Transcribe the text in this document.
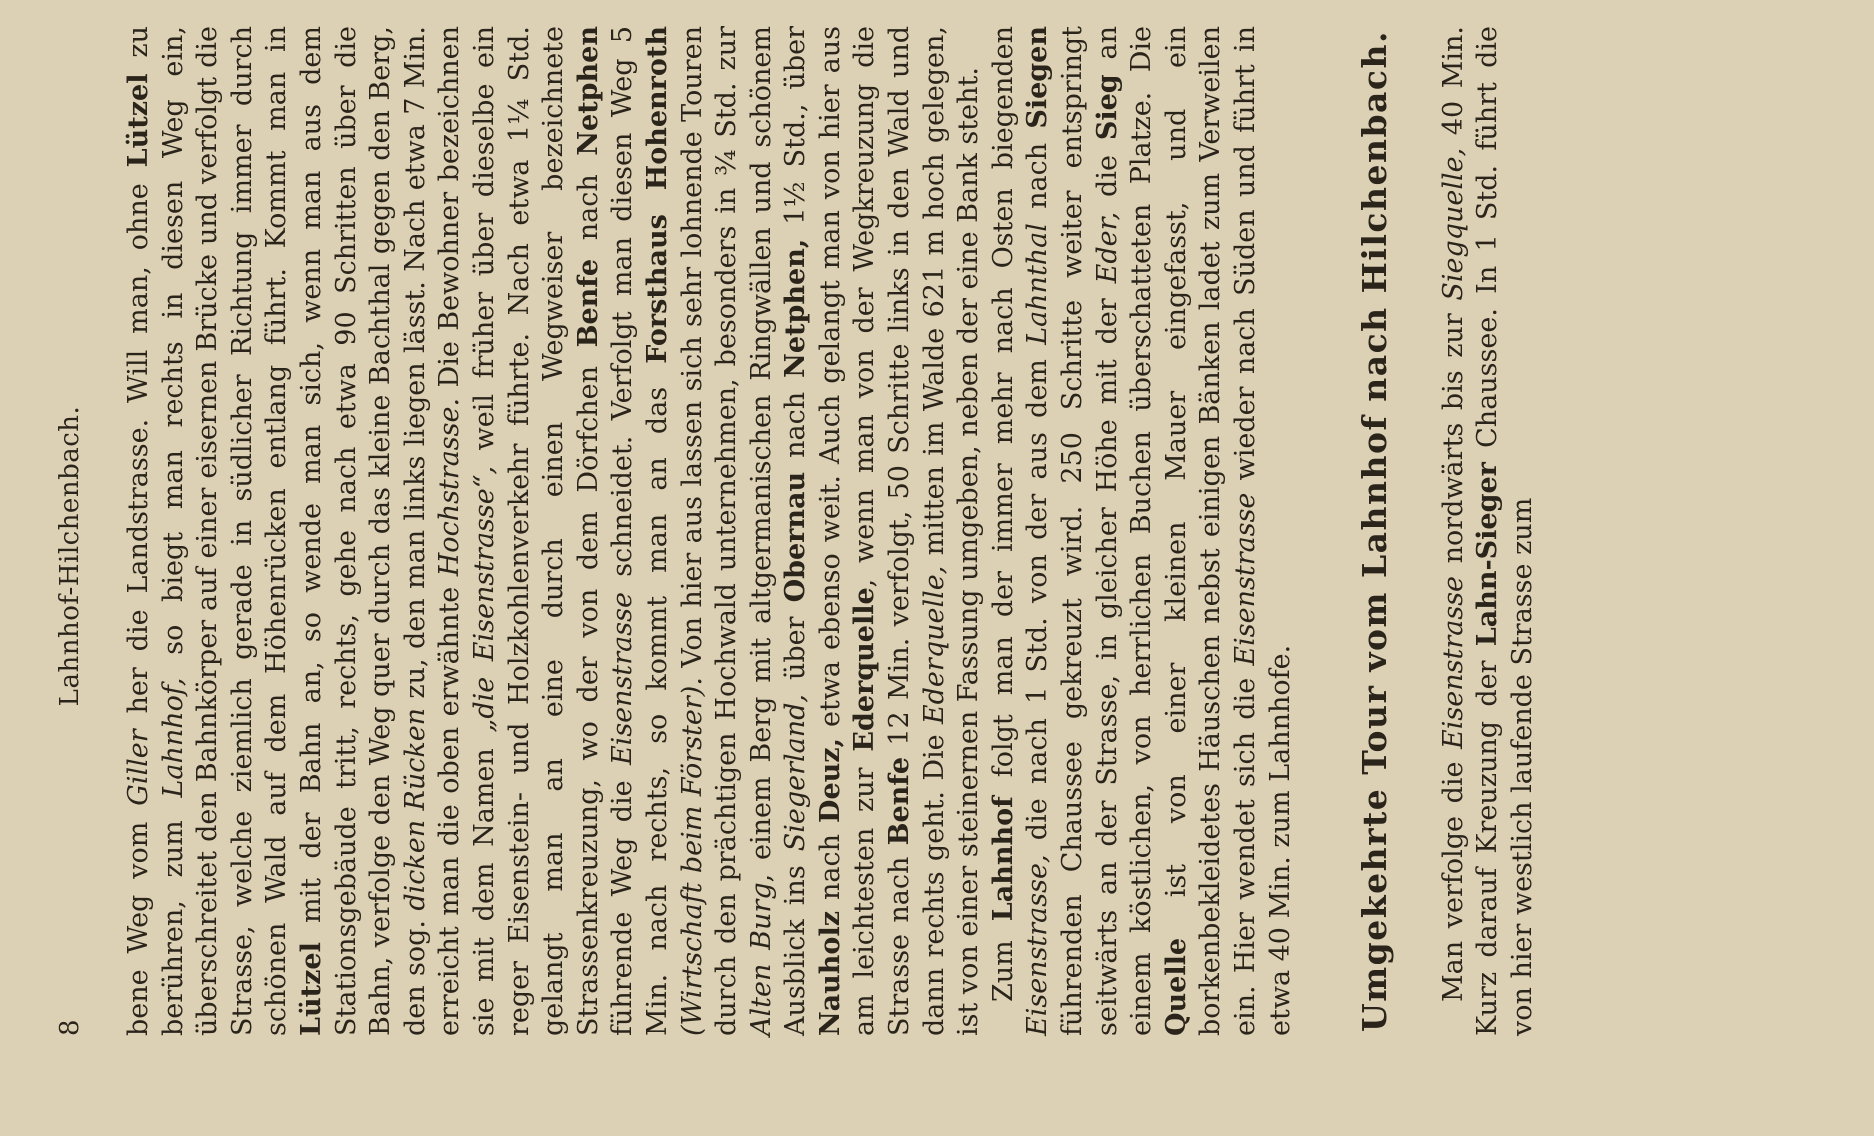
8
Lahnhof-Hilchenbach.

bene Weg vom Giller her die Landstrasse. Will man, ohne Lützel zu berühren, zum Lahnhof, so biegt man rechts in diesen Weg ein, überschreitet den Bahnkörper auf einer eisernen Brücke und verfolgt die Strasse, welche ziemlich gerade in südlicher Richtung immer durch schönen Wald auf dem Höhenrücken entlang führt. Kommt man in Lützel mit der Bahn an, so wende man sich, wenn man aus dem Stationsgebäude tritt, rechts, gehe nach etwa 90 Schritten über die Bahn, verfolge den Weg quer durch das kleine Bachthal gegen den Berg, den sog. dicken Rücken zu, den man links liegen lässt. Nach etwa 7 Min. erreicht man die oben erwähnte Hochstrasse. Die Bewohner bezeichnen sie mit dem Namen „die Eisenstrasse“, weil früher über dieselbe ein reger Eisenstein- und Holzkohlenverkehr führte. Nach etwa 1¼ Std. gelangt man an eine durch einen Wegweiser bezeichnete Strassenkreuzung, wo der von dem Dörfchen Benfe nach Netphen führende Weg die Eisenstrasse schneidet. Verfolgt man diesen Weg 5 Min. nach rechts, so kommt man an das Forsthaus Hohenroth (Wirtschaft beim Förster). Von hier aus lassen sich sehr lohnende Touren durch den prächtigen Hochwald unternehmen, besonders in ¾ Std. zur Alten Burg, einem Berg mit altgermanischen Ringwällen und schönem Ausblick ins Siegerland, über Obernau nach Netphen, 1½ Std., über Nauholz nach Deuz, etwa ebenso weit. Auch gelangt man von hier aus am leichtesten zur Ederquelle, wenn man von der Wegkreuzung die Strasse nach Benfe 12 Min. verfolgt, 50 Schritte links in den Wald und dann rechts geht. Die Ederquelle, mitten im Walde 621 m hoch gelegen, ist von einer steinernen Fassung umgeben, neben der eine Bank steht. Zum Lahnhof folgt man der immer mehr nach Osten biegenden Eisenstrasse, die nach 1 Std. von der aus dem Lahnthal nach Siegen führenden Chaussee gekreuzt wird. 250 Schritte weiter entspringt seitwärts an der Strasse, in gleicher Höhe mit der Eder, die Sieg an einem köstlichen, von herrlichen Buchen überschatteten Platze. Die Quelle ist von einer kleinen Mauer eingefasst, und ein borkenbekleidetes Häuschen nebst einigen Bänken ladet zum Verweilen ein. Hier wendet sich die Eisenstrasse wieder nach Süden und führt in etwa 40 Min. zum Lahnhofe. Umgekehrte Tour vom Lahnhof nach Hilchenbach. Man verfolge die Eisenstrasse nordwärts bis zur Siegquelle, 40 Min. Kurz darauf Kreuzung der Lahn-Sieger Chaussee. In 1 Std. führt die von hier westlich laufende Strasse zum
